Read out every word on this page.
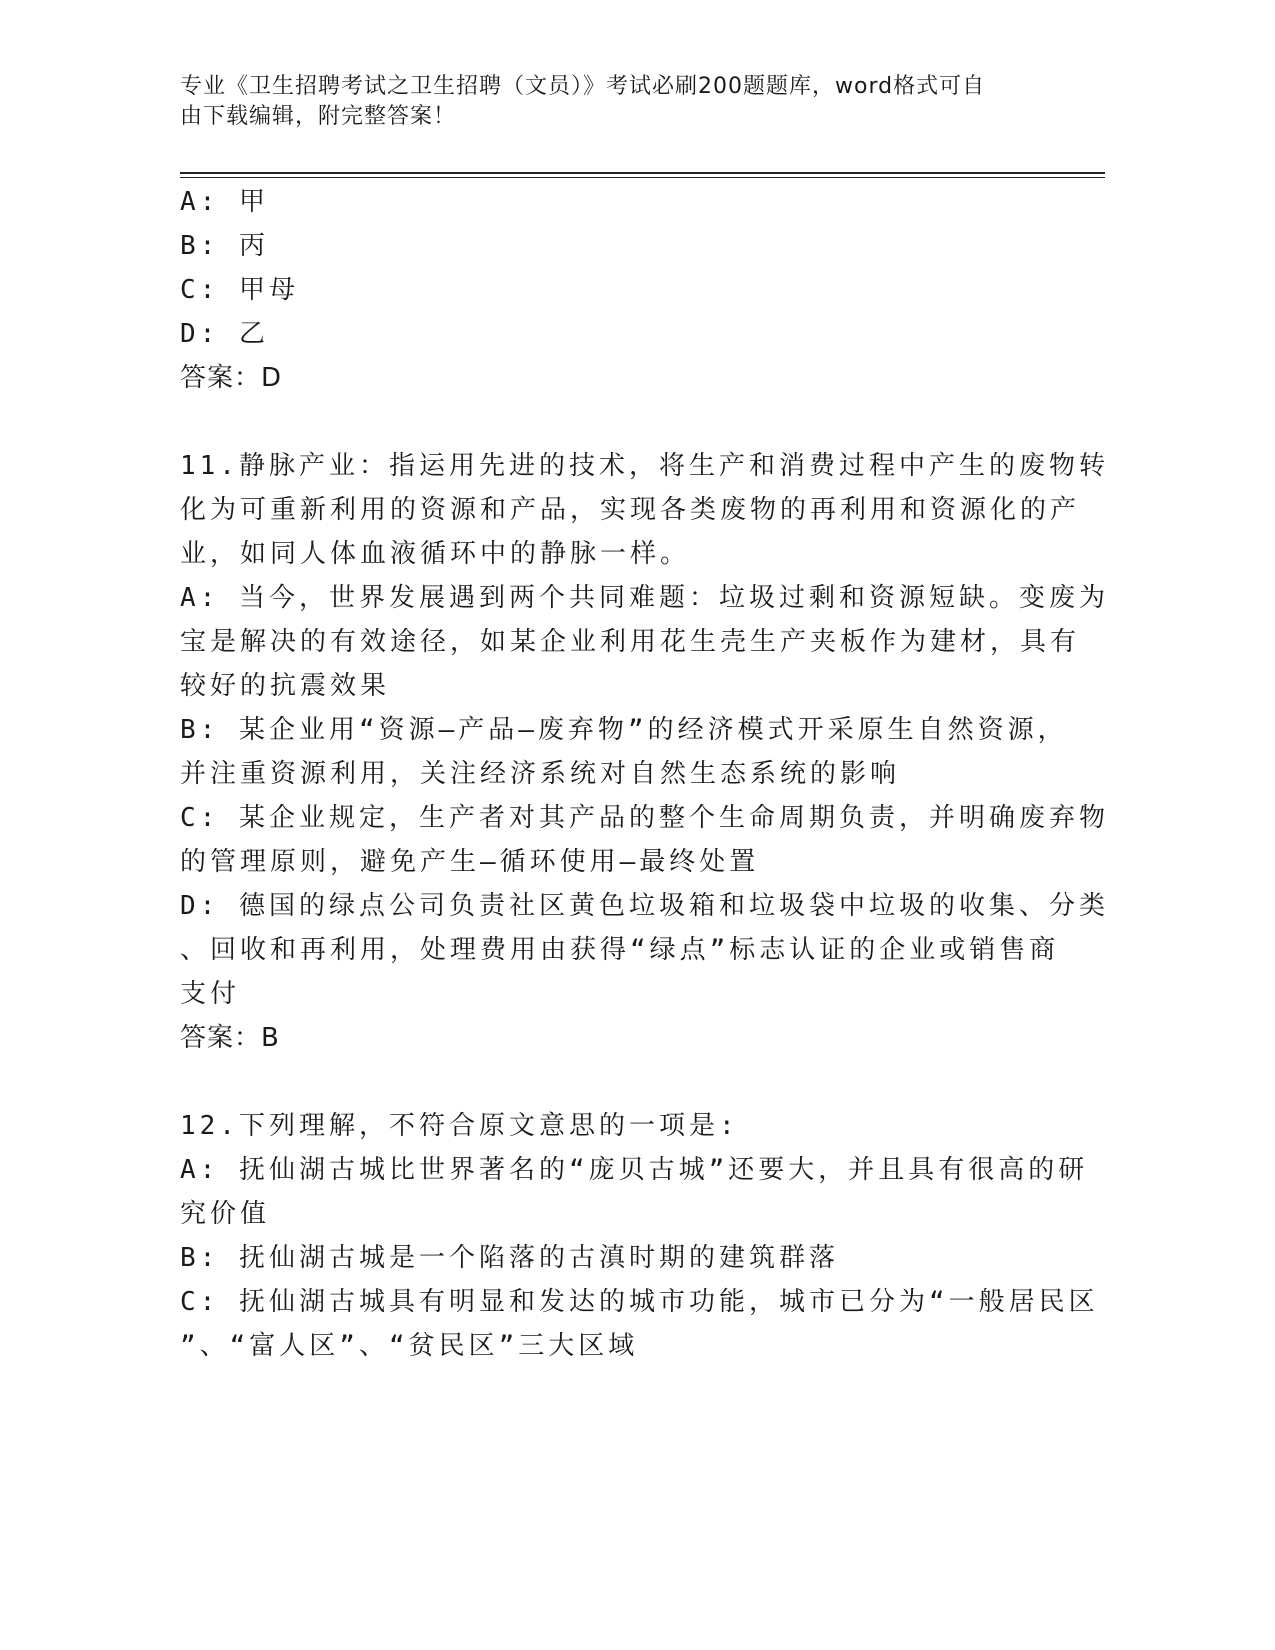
专业《卫生招聘考试之卫生招聘（文员）》考试必刷200题题库，word格式可自
由下载编辑，附完整答案！

A: 甲

B: 丙

C: 甲母

D: 乙

答案：D

11.静脉产业：指运用先进的技术，将生产和消费过程中产生的废物转

化为可重新利用的资源和产品，实现各类废物的再利用和资源化的产

业，如同人体血液循环中的静脉一样。

A: 当今，世界发展遇到两个共同难题：垃圾过剩和资源短缺。变废为

宝是解决的有效途径，如某企业利用花生壳生产夹板作为建材，具有

较好的抗震效果

B: 某企业用“资源—产品—废弃物”的经济模式开采原生自然资源，

并注重资源利用，关注经济系统对自然生态系统的影响

C: 某企业规定，生产者对其产品的整个生命周期负责，并明确废弃物

的管理原则，避免产生—循环使用—最终处置

D: 德国的绿点公司负责社区黄色垃圾箱和垃圾袋中垃圾的收集、分类

、回收和再利用，处理费用由获得“绿点”标志认证的企业或销售商

支付

答案：B

12.下列理解，不符合原文意思的一项是:

A: 抚仙湖古城比世界著名的“庞贝古城”还要大，并且具有很高的研

究价值

B: 抚仙湖古城是一个陷落的古滇时期的建筑群落

C: 抚仙湖古城具有明显和发达的城市功能，城市已分为“一般居民区

”、“富人区”、“贫民区”三大区域
